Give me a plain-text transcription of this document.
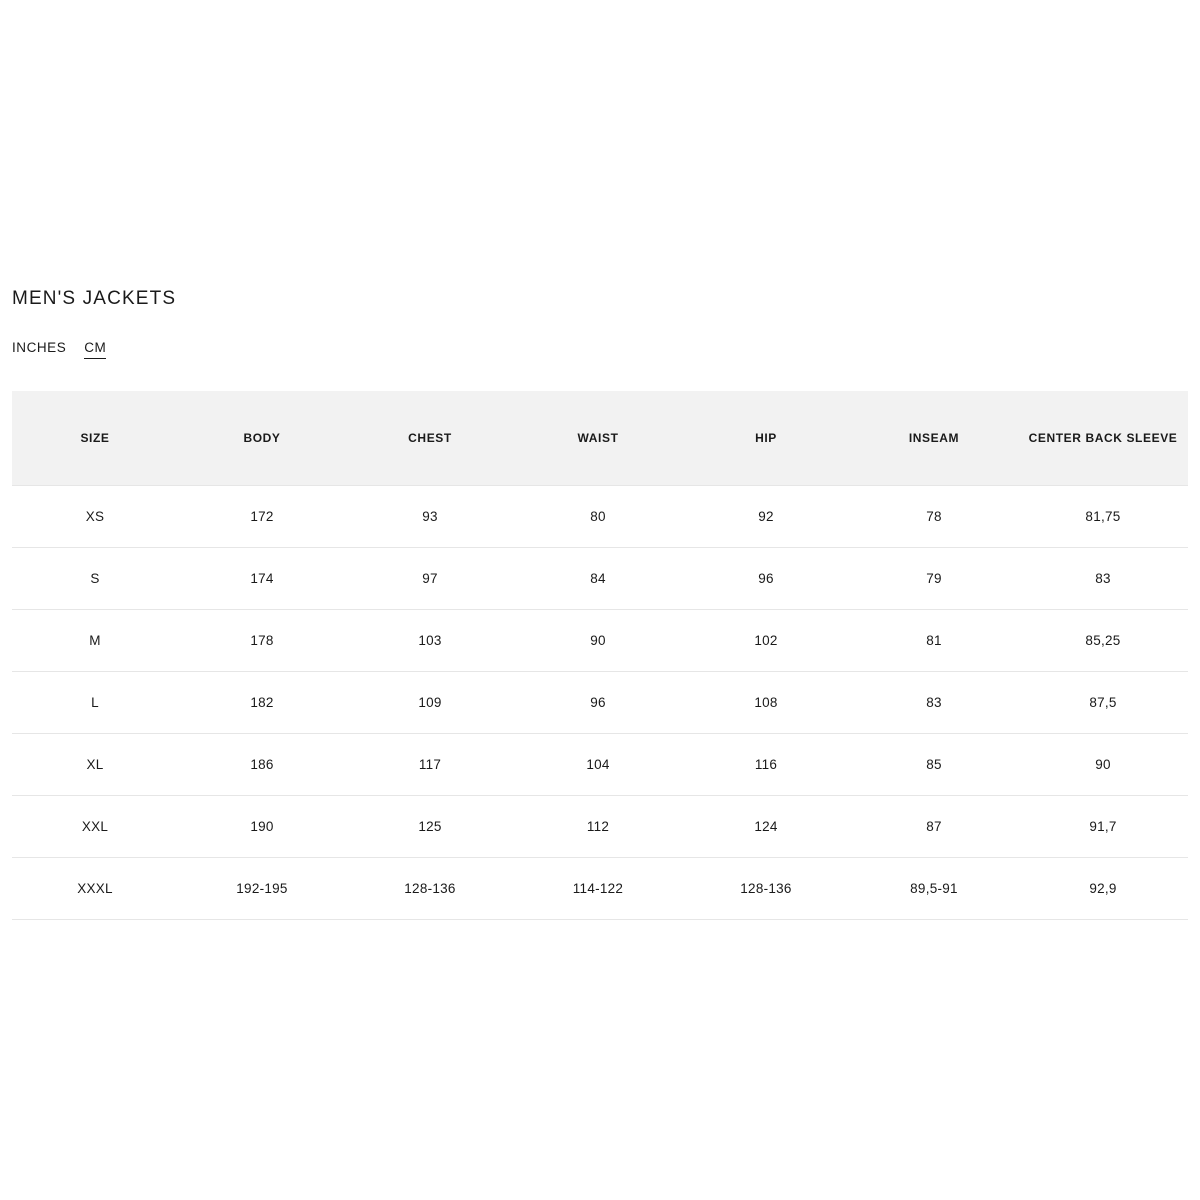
MEN'S JACKETS
INCHES CM
SIZE	BODY	CHEST	WAIST	HIP	INSEAM	CENTER BACK SLEEVE
XS	172	93	80	92	78	81,75
S	174	97	84	96	79	83
M	178	103	90	102	81	85,25
L	182	109	96	108	83	87,5
XL	186	117	104	116	85	90
XXL	190	125	112	124	87	91,7
XXXL	192-195	128-136	114-122	128-136	89,5-91	92,9
